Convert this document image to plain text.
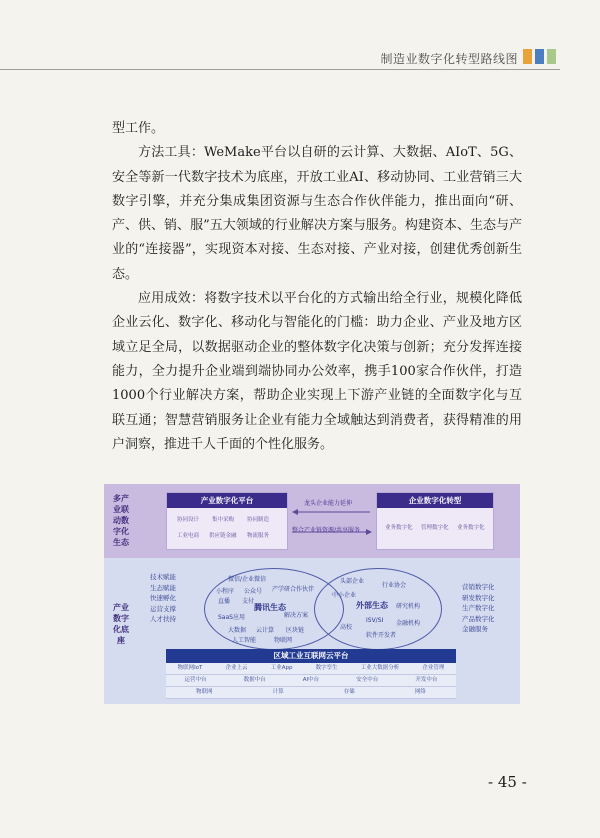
制造业数字化转型路线图

型工作。

方法工具：WeMake平台以自研的云计算、大数据、AIoT、5G、安全等新一代数字技术为底座，开放工业AI、移动协同、工业营销三大数字引擎，并充分集成集团资源与生态合作伙伴能力，推出面向“研、产、供、销、服”五大领域的行业解决方案与服务。构建资本、生态与产业的“连接器”，实现资本对接、生态对接、产业对接，创建优秀创新生态。

应用成效：将数字技术以平台化的方式输出给全行业，规模化降低企业云化、数字化、移动化与智能化的门槛：助力企业、产业及地方区域立足全局，以数据驱动企业的整体数字化决策与创新；充分发挥连接能力，全力提升企业端到端协同办公效率，携手100家合作伙伴，打造1000个行业解决方案，帮助企业实现上下游产业链的全面数字化与互联互通；智慧营销服务让企业有能力全域触达到消费者，获得精准的用户洞察，推进千人千面的个性化服务。

多产业联动数字化生态
产业数字化底座
产业数字化平台
协同设计 集中采购 协同制造
工业电商 供应链金融 物流服务
企业数字化转型
业务数字化 管理数字化 业务数字化
龙头企业能力延伸
整合产业链资源/共享服务
技术赋能
生态赋能
快速孵化
运营支撑
人才扶持
营销数字化
研发数字化
生产数字化
产品数字化
金融服务
腾讯生态
微信/企业微信
小程序 公众号 产学研合作伙伴
直播 支付
SaaS应用	解决方案
大数据 云计算 区块链
人工智能	物联网
外部生态
头部企业
行业协会
中小企业
研究机构
高校
ISV/SI 金融机构
软件开发者
区域工业互联网云平台
物联网IoT	企业上云	工业App	数字孪生	工业大数据分析	企业管理
运营中台	数据中台	AI中台	安全中台	开发中台
物联网	计算	存储	网络
- 45 -
